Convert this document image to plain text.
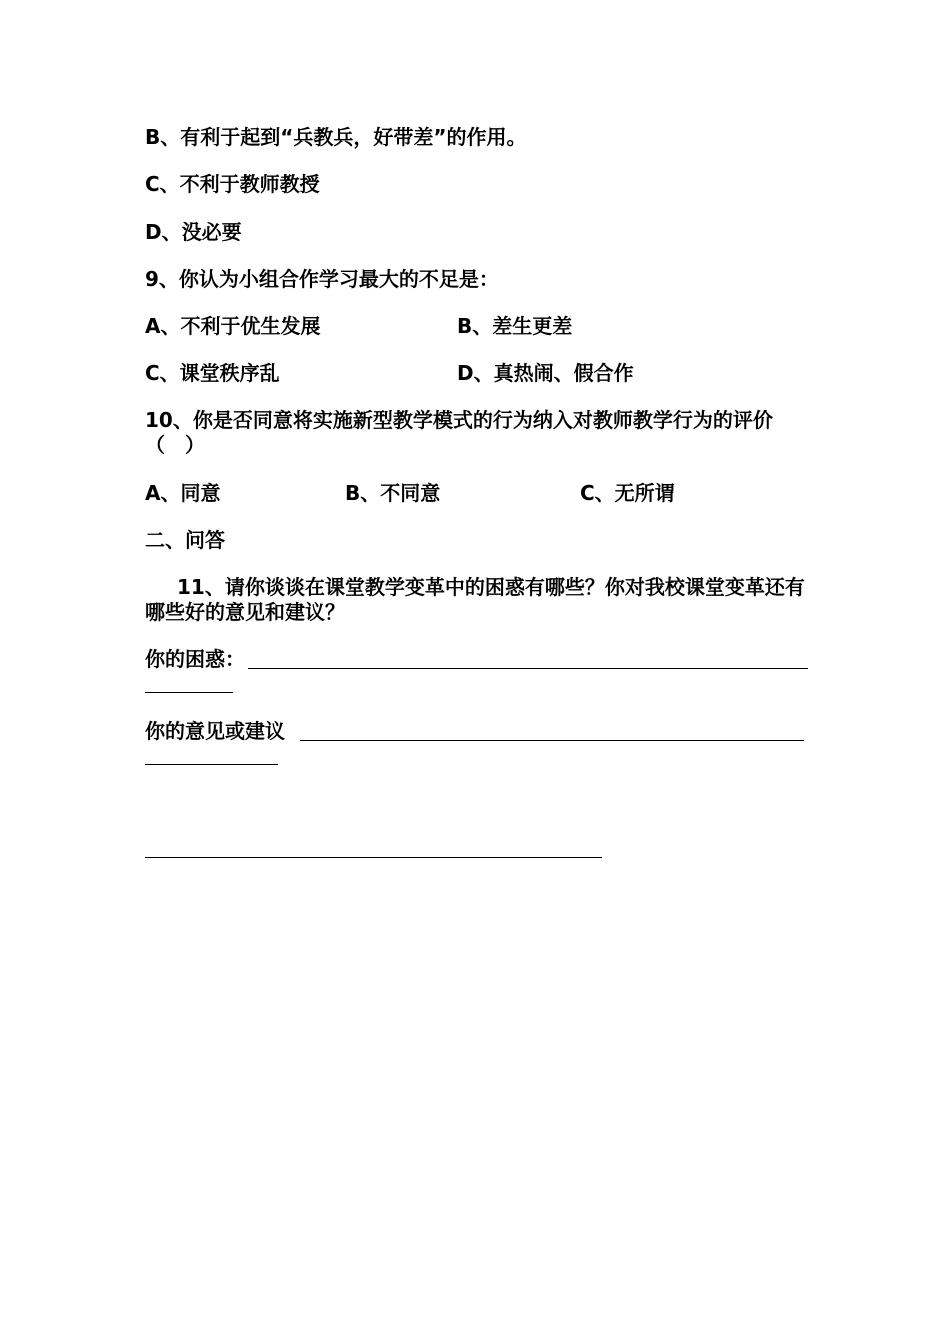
B、有利于起到“兵教兵，好带差”的作用。
C、不利于教师教授
D、没必要
9、你认为小组合作学习最大的不足是：
A、不利于优生发展	B、差生更差
C、课堂秩序乱	D、真热闹、假合作
10、你是否同意将实施新型教学模式的行为纳入对教师教学行为的评价（　）
A、同意	B、不同意	C、无所谓
二、问答
11、请你谈谈在课堂教学变革中的困惑有哪些？你对我校课堂变革还有哪些好的意见和建议？
你的困惑：
你的意见或建议
